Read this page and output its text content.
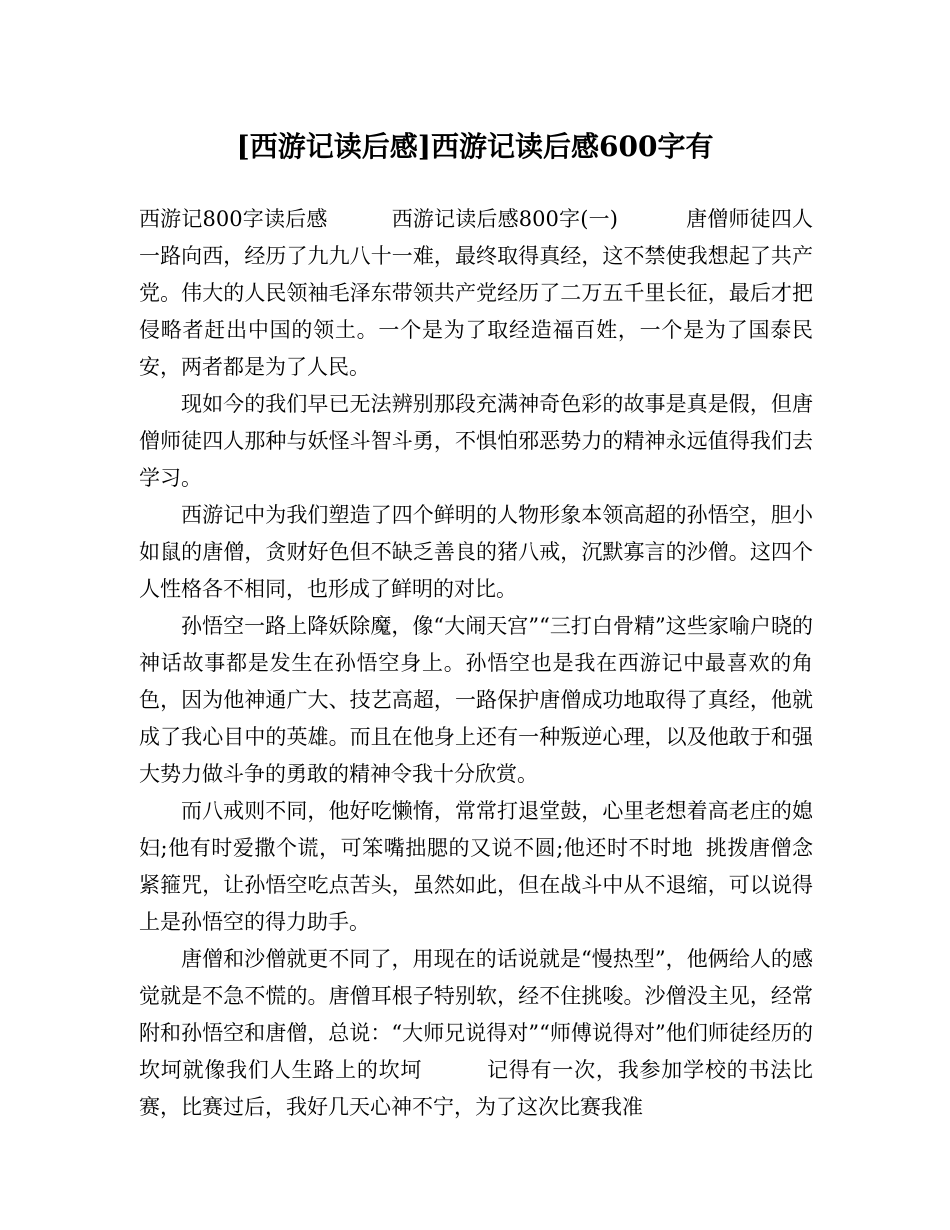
[西游记读后感]西游记读后感600字有

西游记800字读后感	西游记读后感800字(一)	唐僧师徒四人一路向西，经历了九九八十一难，最终取得真经，这不禁使我想起了共产党。伟大的人民领袖毛泽东带领共产党经历了二万五千里长征，最后才把侵略者赶出中国的领土。一个是为了取经造福百姓，一个是为了国泰民安，两者都是为了人民。

现如今的我们早已无法辨别那段充满神奇色彩的故事是真是假，但唐僧师徒四人那种与妖怪斗智斗勇，不惧怕邪恶势力的精神永远值得我们去学习。

西游记中为我们塑造了四个鲜明的人物形象本领高超的孙悟空，胆小如鼠的唐僧，贪财好色但不缺乏善良的猪八戒，沉默寡言的沙僧。这四个人性格各不相同，也形成了鲜明的对比。

孙悟空一路上降妖除魔，像“大闹天宫”“三打白骨精”这些家喻户晓的神话故事都是发生在孙悟空身上。孙悟空也是我在西游记中最喜欢的角色，因为他神通广大、技艺高超，一路保护唐僧成功地取得了真经，他就成了我心目中的英雄。而且在他身上还有一种叛逆心理，以及他敢于和强大势力做斗争的勇敢的精神令我十分欣赏。

而八戒则不同，他好吃懒惰，常常打退堂鼓，心里老想着高老庄的媳妇;他有时爱撒个谎，可笨嘴拙腮的又说不圆;他还时不时地 挑拨唐僧念紧箍咒，让孙悟空吃点苦头，虽然如此，但在战斗中从不退缩，可以说得上是孙悟空的得力助手。

唐僧和沙僧就更不同了，用现在的话说就是“慢热型”，他俩给人的感觉就是不急不慌的。唐僧耳根子特别软，经不住挑唆。沙僧没主见，经常附和孙悟空和唐僧，总说：“大师兄说得对”“师傅说得对”他们师徒经历的坎坷就像我们人生路上的坎坷	记得有一次，我参加学校的书法比赛，比赛过后，我好几天心神不宁，为了这次比赛我准
